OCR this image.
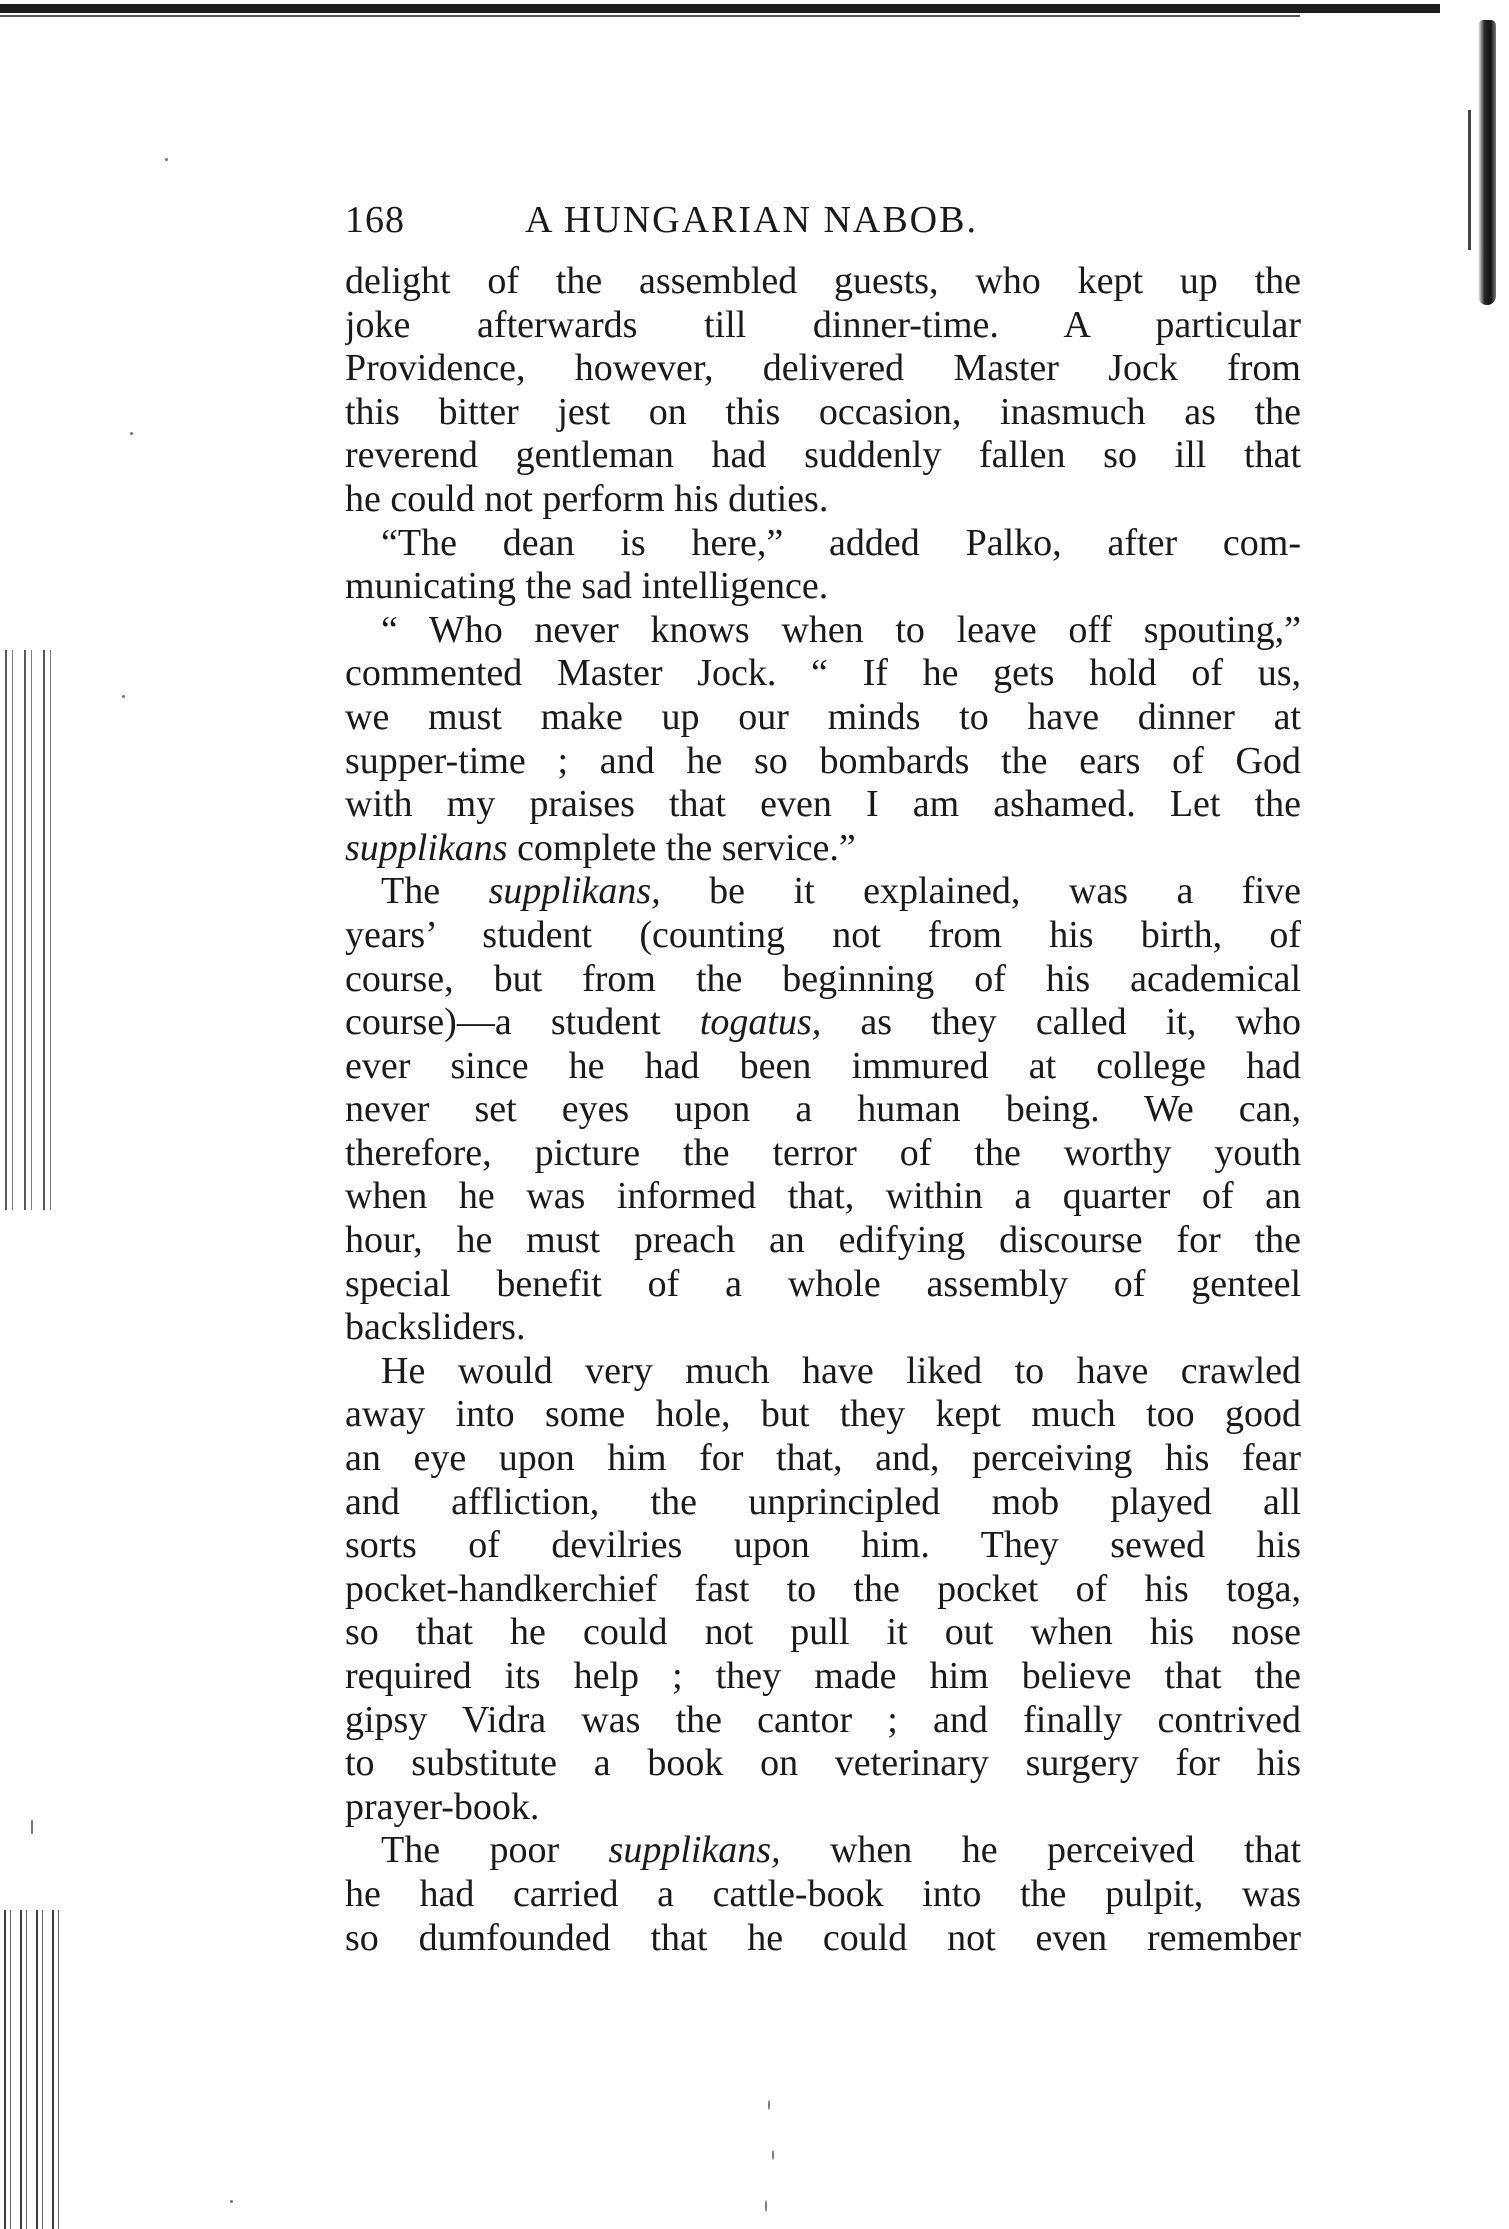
168	A HUNGARIAN NABOB.
delight of the assembled guests, who kept up the
joke afterwards till dinner-time. A particular
Providence, however, delivered Master Jock from
this bitter jest on this occasion, inasmuch as the
reverend gentleman had suddenly fallen so ill that
he could not perform his duties.
“The dean is here,” added Palko, after com-
municating the sad intelligence.
“ Who never knows when to leave off spouting,”
commented Master Jock. “ If he gets hold of us,
we must make up our minds to have dinner at
supper-time ; and he so bombards the ears of God
with my praises that even I am ashamed. Let the
supplikans complete the service.”
The supplikans, be it explained, was a five
years’ student (counting not from his birth, of
course, but from the beginning of his academical
course)—a student togatus, as they called it, who
ever since he had been immured at college had
never set eyes upon a human being. We can,
therefore, picture the terror of the worthy youth
when he was informed that, within a quarter of an
hour, he must preach an edifying discourse for the
special benefit of a whole assembly of genteel
backsliders.
He would very much have liked to have crawled
away into some hole, but they kept much too good
an eye upon him for that, and, perceiving his fear
and affliction, the unprincipled mob played all
sorts of devilries upon him. They sewed his
pocket-handkerchief fast to the pocket of his toga,
so that he could not pull it out when his nose
required its help ; they made him believe that the
gipsy Vidra was the cantor ; and finally contrived
to substitute a book on veterinary surgery for his
prayer-book.
The poor supplikans, when he perceived that
he had carried a cattle-book into the pulpit, was
so dumfounded that he could not even remember
